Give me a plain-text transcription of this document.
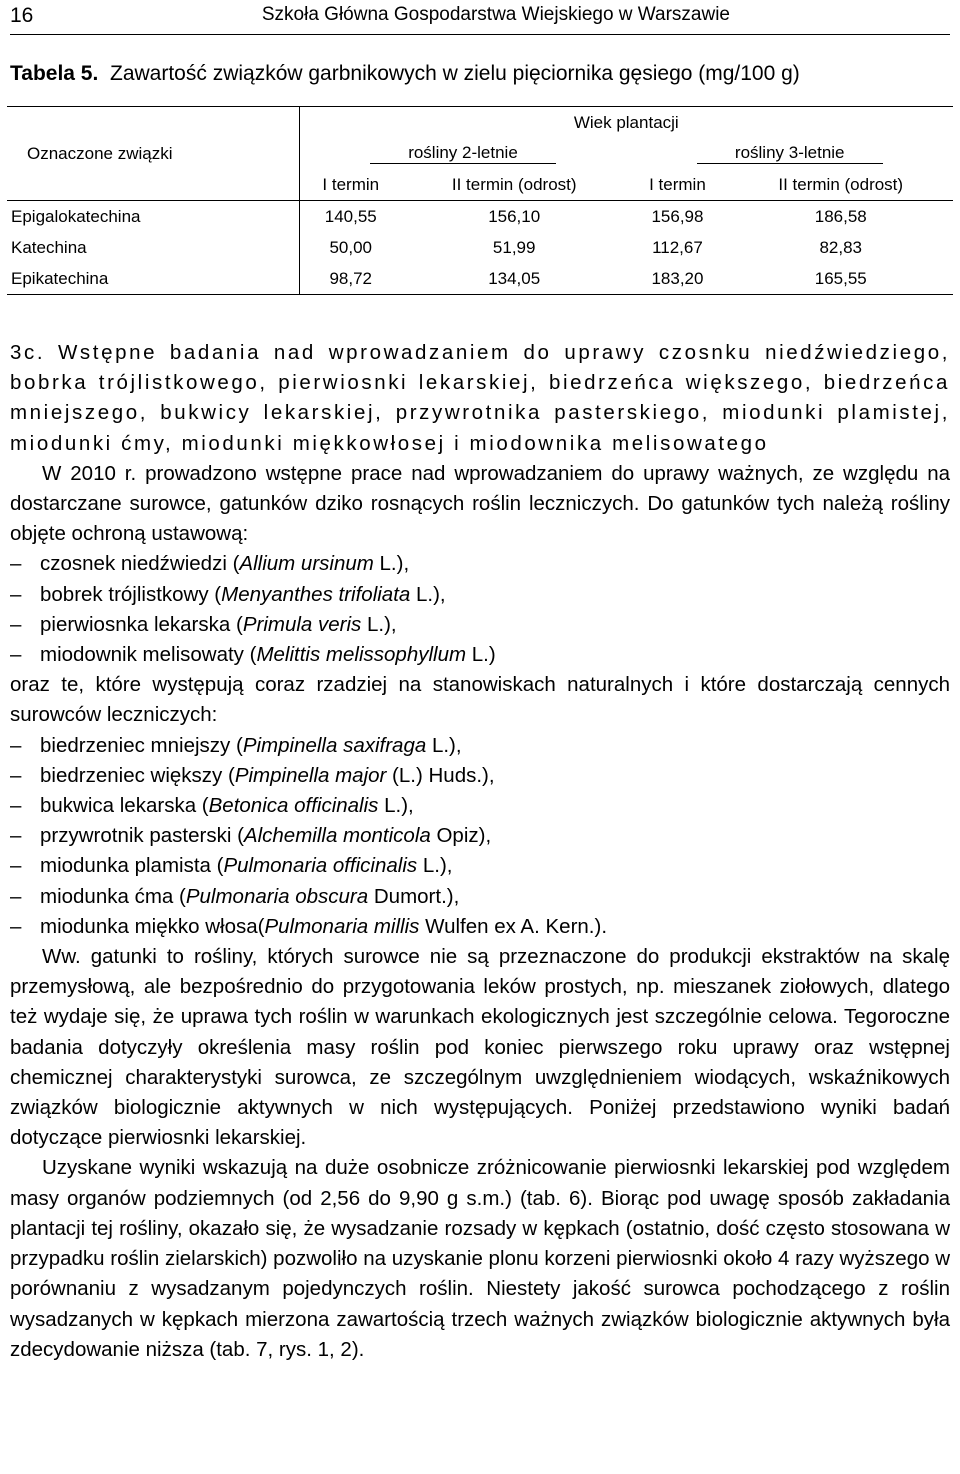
16	Szkoła Główna Gospodarstwa Wiejskiego w Warszawie
Tabela 5. Zawartość związków garbnikowych w zielu pięciornika gęsiego (mg/100 g)
Oznaczone związki	Wiek plantacji			
	rośliny 2-letnie		rośliny 3-letnie	
	I termin	II termin (odrost)	I termin	II termin (odrost)
Epigalokatechina	140,55	156,10	156,98	186,58
Katechina	50,00	51,99	112,67	82,83
Epikatechina	98,72	134,05	183,20	165,55

3c. Wstępne badania nad wprowadzaniem do uprawy czosnku niedźwiedziego, bobrka trójlistkowego, pierwiosnki lekarskiej, biedrzeńca większego, biedrzeńca mniejszego, bukwicy lekarskiej, przywrotnika pasterskiego, miodunki plamistej, miodunki ćmy, miodunki miękkowłosej i miodownika melisowatego

W 2010 r. prowadzono wstępne prace nad wprowadzaniem do uprawy ważnych, ze względu na dostarczane surowce, gatunków dziko rosnących roślin leczniczych. Do gatunków tych należą rośliny objęte ochroną ustawową:

– czosnek niedźwiedzi (Allium ursinum L.),
– bobrek trójlistkowy (Menyanthes trifoliata L.),
– pierwiosnka lekarska (Primula veris L.),
– miodownik melisowaty (Melittis melissophyllum L.)

oraz te, które występują coraz rzadziej na stanowiskach naturalnych i które dostarczają cennych surowców leczniczych:

– biedrzeniec mniejszy (Pimpinella saxifraga L.),
– biedrzeniec większy (Pimpinella major (L.) Huds.),
– bukwica lekarska (Betonica officinalis L.),
– przywrotnik pasterski (Alchemilla monticola Opiz),
– miodunka plamista (Pulmonaria officinalis L.),
– miodunka ćma (Pulmonaria obscura Dumort.),
– miodunka miękko włosa(Pulmonaria millis Wulfen ex A. Kern.).

Ww. gatunki to rośliny, których surowce nie są przeznaczone do produkcji ekstraktów na skalę przemysłową, ale bezpośrednio do przygotowania leków prostych, np. mieszanek ziołowych, dlatego też wydaje się, że uprawa tych roślin w warunkach ekologicznych jest szczególnie celowa. Tegoroczne badania dotyczyły określenia masy roślin pod koniec pierwszego roku uprawy oraz wstępnej chemicznej charakterystyki surowca, ze szczególnym uwzględnieniem wiodących, wskaźnikowych związków biologicznie aktywnych w nich występujących. Poniżej przedstawiono wyniki badań dotyczące pierwiosnki lekarskiej.

Uzyskane wyniki wskazują na duże osobnicze zróżnicowanie pierwiosnki lekarskiej pod względem masy organów podziemnych (od 2,56 do 9,90 g s.m.) (tab. 6). Biorąc pod uwagę sposób zakładania plantacji tej rośliny, okazało się, że wysadzanie rozsady w kępkach (ostatnio, dość często stosowana w przypadku roślin zielarskich) pozwoliło na uzyskanie plonu korzeni pierwiosnki około 4 razy wyższego w porównaniu z wysadzanym pojedynczych roślin. Niestety jakość surowca pochodzącego z roślin wysadzanych w kępkach mierzona zawartością trzech ważnych związków biologicznie aktywnych była zdecydowanie niższa (tab. 7, rys. 1, 2).
